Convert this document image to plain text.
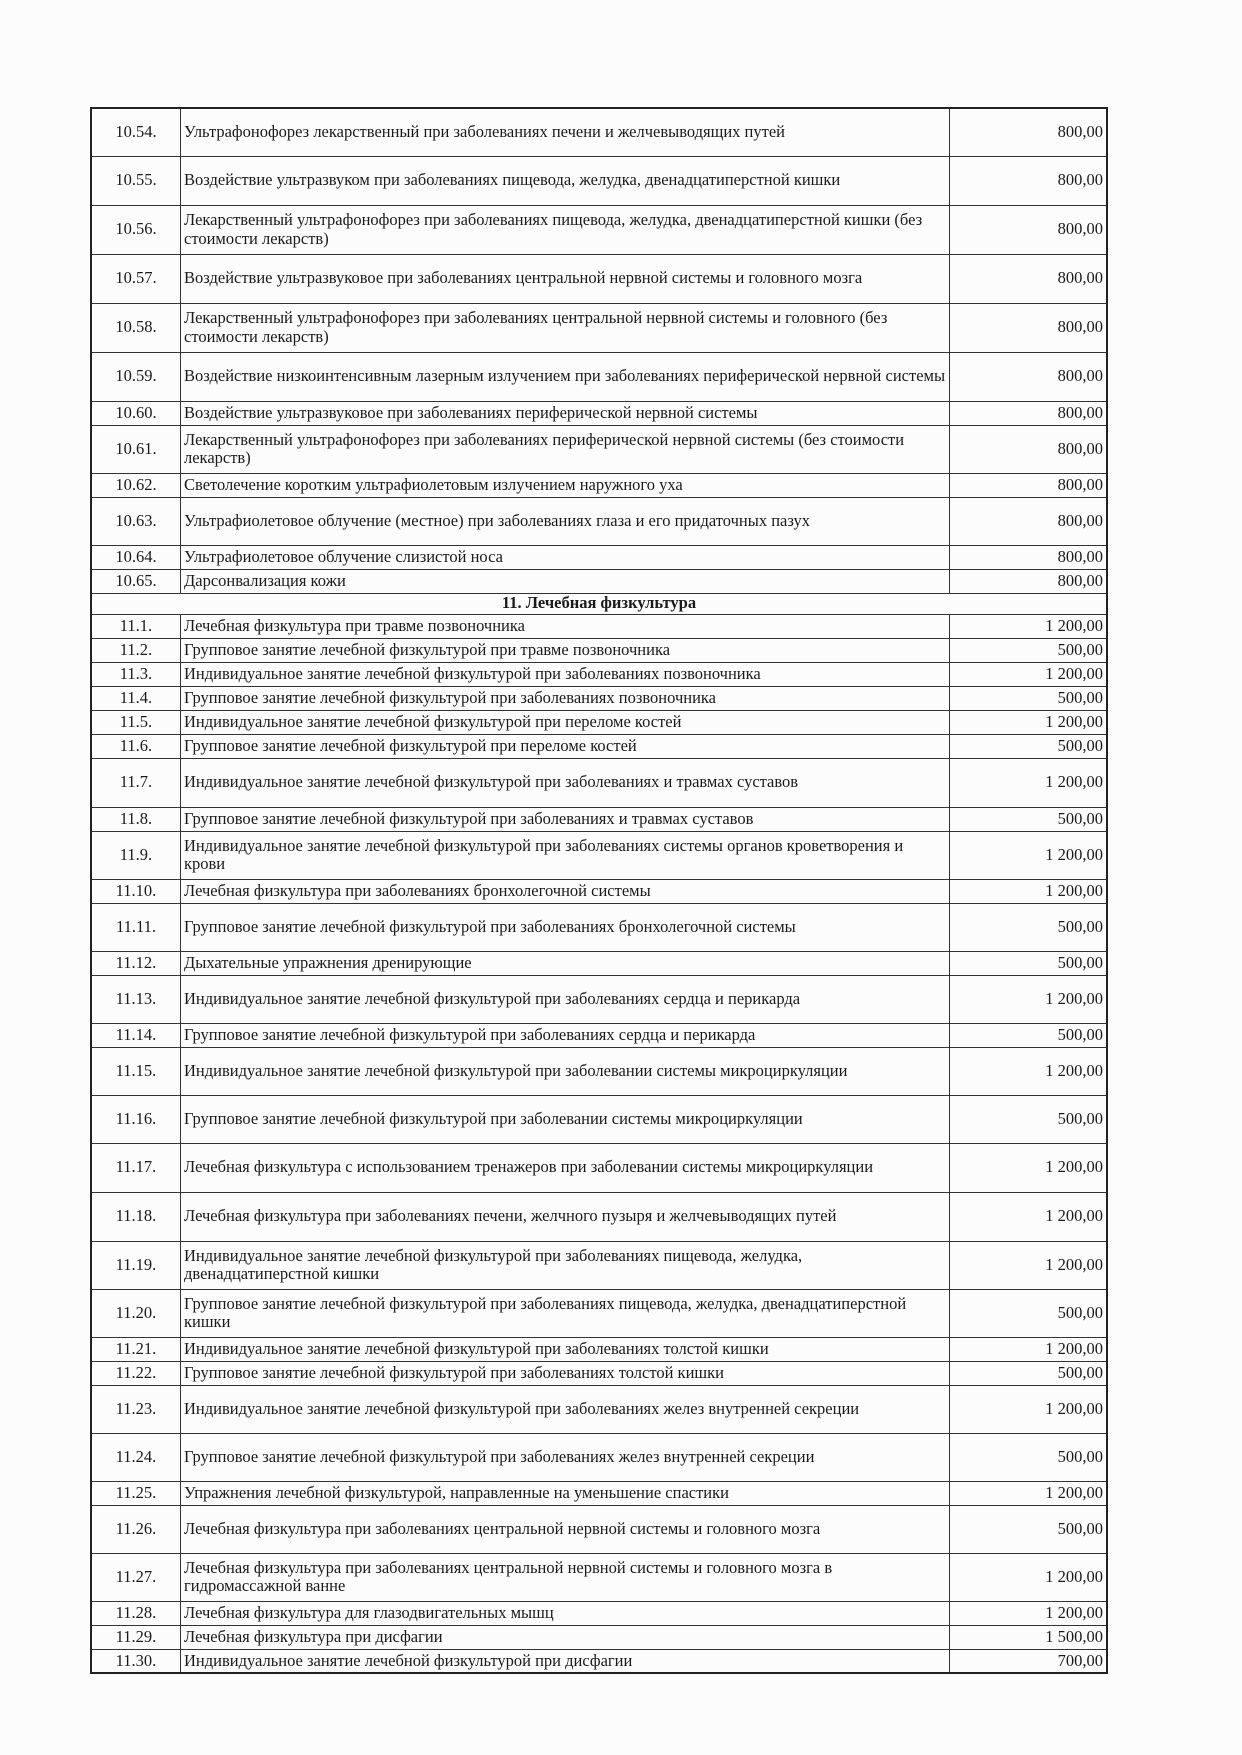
10.54.	Ультрафонофорез лекарственный при заболеваниях печени и желчевыводящих путей	800,00
10.55.	Воздействие ультразвуком при заболеваниях пищевода, желудка, двенадцатиперстной кишки	800,00
10.56.	Лекарственный ультрафонофорез при заболеваниях пищевода, желудка, двенадцатиперстной кишки (без стоимости лекарств)	800,00
10.57.	Воздействие ультразвуковое при заболеваниях центральной нервной системы и головного мозга	800,00
10.58.	Лекарственный ультрафонофорез при заболеваниях центральной нервной системы и головного (без стоимости лекарств)	800,00
10.59.	Воздействие низкоинтенсивным лазерным излучением при заболеваниях периферической нервной системы	800,00
10.60.	Воздействие ультразвуковое при заболеваниях периферической нервной системы	800,00
10.61.	Лекарственный ультрафонофорез при заболеваниях периферической нервной системы (без стоимости лекарств)	800,00
10.62.	Светолечение коротким ультрафиолетовым излучением наружного уха	800,00
10.63.	Ультрафиолетовое облучение (местное) при заболеваниях глаза и его придаточных пазух	800,00
10.64.	Ультрафиолетовое облучение слизистой носа	800,00
10.65.	Дарсонвализация кожи	800,00
11. Лечебная физкультура		
11.1.	Лечебная физкультура при травме позвоночника	1 200,00
11.2.	Групповое занятие лечебной физкультурой при травме позвоночника	500,00
11.3.	Индивидуальное занятие лечебной физкультурой при заболеваниях позвоночника	1 200,00
11.4.	Групповое занятие лечебной физкультурой при заболеваниях позвоночника	500,00
11.5.	Индивидуальное занятие лечебной физкультурой при переломе костей	1 200,00
11.6.	Групповое занятие лечебной физкультурой при переломе костей	500,00
11.7.	Индивидуальное занятие лечебной физкультурой при заболеваниях и травмах суставов	1 200,00
11.8.	Групповое занятие лечебной физкультурой при заболеваниях и травмах суставов	500,00
11.9.	Индивидуальное занятие лечебной физкультурой при заболеваниях системы органов кроветворения и крови	1 200,00
11.10.	Лечебная физкультура при заболеваниях бронхолегочной системы	1 200,00
11.11.	Групповое занятие лечебной физкультурой при заболеваниях бронхолегочной системы	500,00
11.12.	Дыхательные упражнения дренирующие	500,00
11.13.	Индивидуальное занятие лечебной физкультурой при заболеваниях сердца и перикарда	1 200,00
11.14.	Групповое занятие лечебной физкультурой при заболеваниях сердца и перикарда	500,00
11.15.	Индивидуальное занятие лечебной физкультурой при заболевании системы микроциркуляции	1 200,00
11.16.	Групповое занятие лечебной физкультурой при заболевании системы микроциркуляции	500,00
11.17.	Лечебная физкультура с использованием тренажеров при заболевании системы микроциркуляции	1 200,00
11.18.	Лечебная физкультура при заболеваниях печени, желчного пузыря и желчевыводящих путей	1 200,00
11.19.	Индивидуальное занятие лечебной физкультурой при заболеваниях пищевода, желудка, двенадцатиперстной кишки	1 200,00
11.20.	Групповое занятие лечебной физкультурой при заболеваниях пищевода, желудка, двенадцатиперстной кишки	500,00
11.21.	Индивидуальное занятие лечебной физкультурой при заболеваниях толстой кишки	1 200,00
11.22.	Групповое занятие лечебной физкультурой при заболеваниях толстой кишки	500,00
11.23.	Индивидуальное занятие лечебной физкультурой при заболеваниях желез внутренней секреции	1 200,00
11.24.	Групповое занятие лечебной физкультурой при заболеваниях желез внутренней секреции	500,00
11.25.	Упражнения лечебной физкультурой, направленные на уменьшение спастики	1 200,00
11.26.	Лечебная физкультура при заболеваниях центральной нервной системы и головного мозга	500,00
11.27.	Лечебная физкультура при заболеваниях центральной нервной системы и головного мозга в гидромассажной ванне	1 200,00
11.28.	Лечебная физкультура для глазодвигательных мышц	1 200,00
11.29.	Лечебная физкультура при дисфагии	1 500,00
11.30.	Индивидуальное занятие лечебной физкультурой при дисфагии	700,00
